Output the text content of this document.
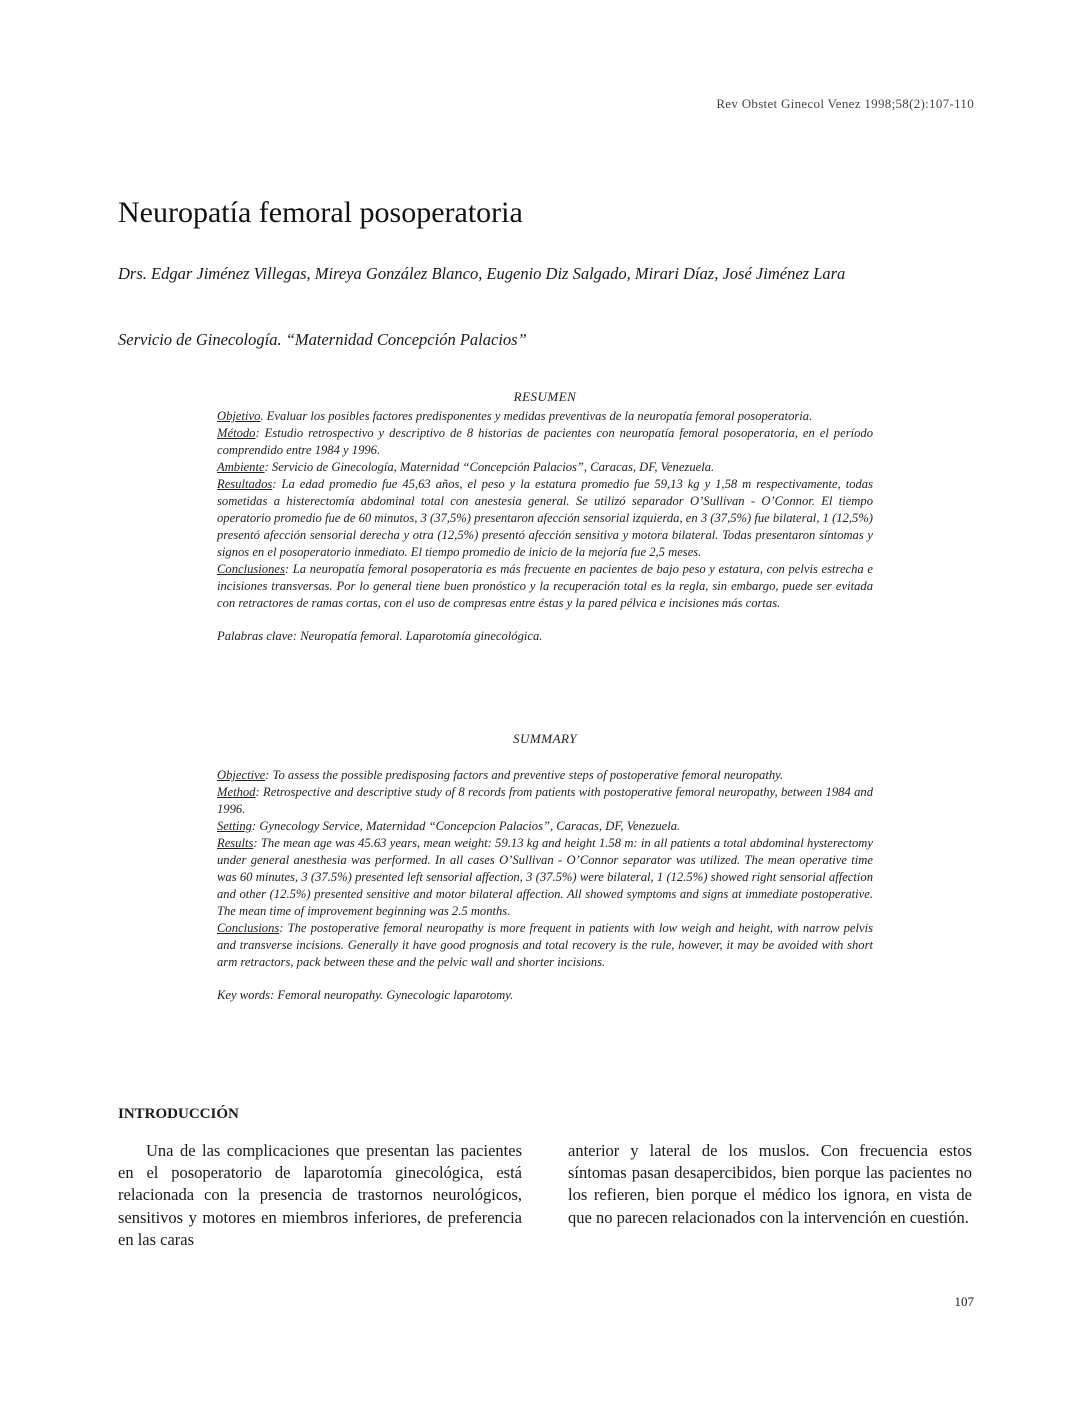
Rev Obstet Ginecol Venez 1998;58(2):107-110
Neuropatía femoral posoperatoria
Drs. Edgar Jiménez Villegas, Mireya González Blanco, Eugenio Diz Salgado, Mirari Díaz, José Jiménez Lara
Servicio de Ginecología. “Maternidad Concepción Palacios”
RESUMEN

Objetivo. Evaluar los posibles factores predisponentes y medidas preventivas de la neuropatía femoral posoperatoria.

Método: Estudio retrospectivo y descriptivo de 8 historias de pacientes con neuropatía femoral posoperatoria, en el período comprendido entre 1984 y 1996.

Ambiente: Servicio de Ginecología, Maternidad “Concepción Palacios”, Caracas, DF, Venezuela.

Resultados: La edad promedio fue 45,63 años, el peso y la estatura promedio fue 59,13 kg y 1,58 m respectivamente, todas sometidas a histerectomía abdominal total con anestesia general. Se utilizó separador O’Sullivan - O’Connor. El tiempo operatorio promedio fue de 60 minutos, 3 (37,5%) presentaron afección sensorial izquierda, en 3 (37,5%) fue bilateral, 1 (12,5%) presentó afección sensorial derecha y otra (12,5%) presentó afección sensitiva y motora bilateral. Todas presentaron síntomas y signos en el posoperatorio inmediato. El tiempo promedio de inicio de la mejoría fue 2,5 meses.

Conclusiones: La neuropatía femoral posoperatoria es más frecuente en pacientes de bajo peso y estatura, con pelvis estrecha e incisiones transversas. Por lo general tiene buen pronóstico y la recuperación total es la regla, sin embargo, puede ser evitada con retractores de ramas cortas, con el uso de compresas entre éstas y la pared pélvica e incisiones más cortas.

Palabras clave: Neuropatía femoral. Laparotomía ginecológica.

SUMMARY

Objective: To assess the possible predisposing factors and preventive steps of postoperative femoral neuropathy.

Method: Retrospective and descriptive study of 8 records from patients with postoperative femoral neuropathy, between 1984 and 1996.

Setting: Gynecology Service, Maternidad “Concepcion Palacios”, Caracas, DF, Venezuela.

Results: The mean age was 45.63 years, mean weight: 59.13 kg and height 1.58 m: in all patients a total abdominal hysterectomy under general anesthesia was performed. In all cases O’Sullivan - O’Connor separator was utilized. The mean operative time was 60 minutes, 3 (37.5%) presented left sensorial affection, 3 (37.5%) were bilateral, 1 (12.5%) showed right sensorial affection and other (12.5%) presented sensitive and motor bilateral affection. All showed symptoms and signs at immediate postoperative. The mean time of improvement beginning was 2.5 months.

Conclusions: The postoperative femoral neuropathy is more frequent in patients with low weigh and height, with narrow pelvis and transverse incisions. Generally it have good prognosis and total recovery is the rule, however, it may be avoided with short arm retractors, pack between these and the pelvic wall and shorter incisions.

Key words: Femoral neuropathy. Gynecologic laparotomy.

INTRODUCCIÓN
Una de las complicaciones que presentan las pacientes en el posoperatorio de laparotomía ginecológica, está relacionada con la presencia de trastornos neurológicos, sensitivos y motores en miembros inferiores, de preferencia en las caras
anterior y lateral de los muslos. Con frecuencia estos síntomas pasan desapercibidos, bien porque las pacientes no los refieren, bien porque el médico los ignora, en vista de que no parecen relacionados con la intervención en cuestión.
107
